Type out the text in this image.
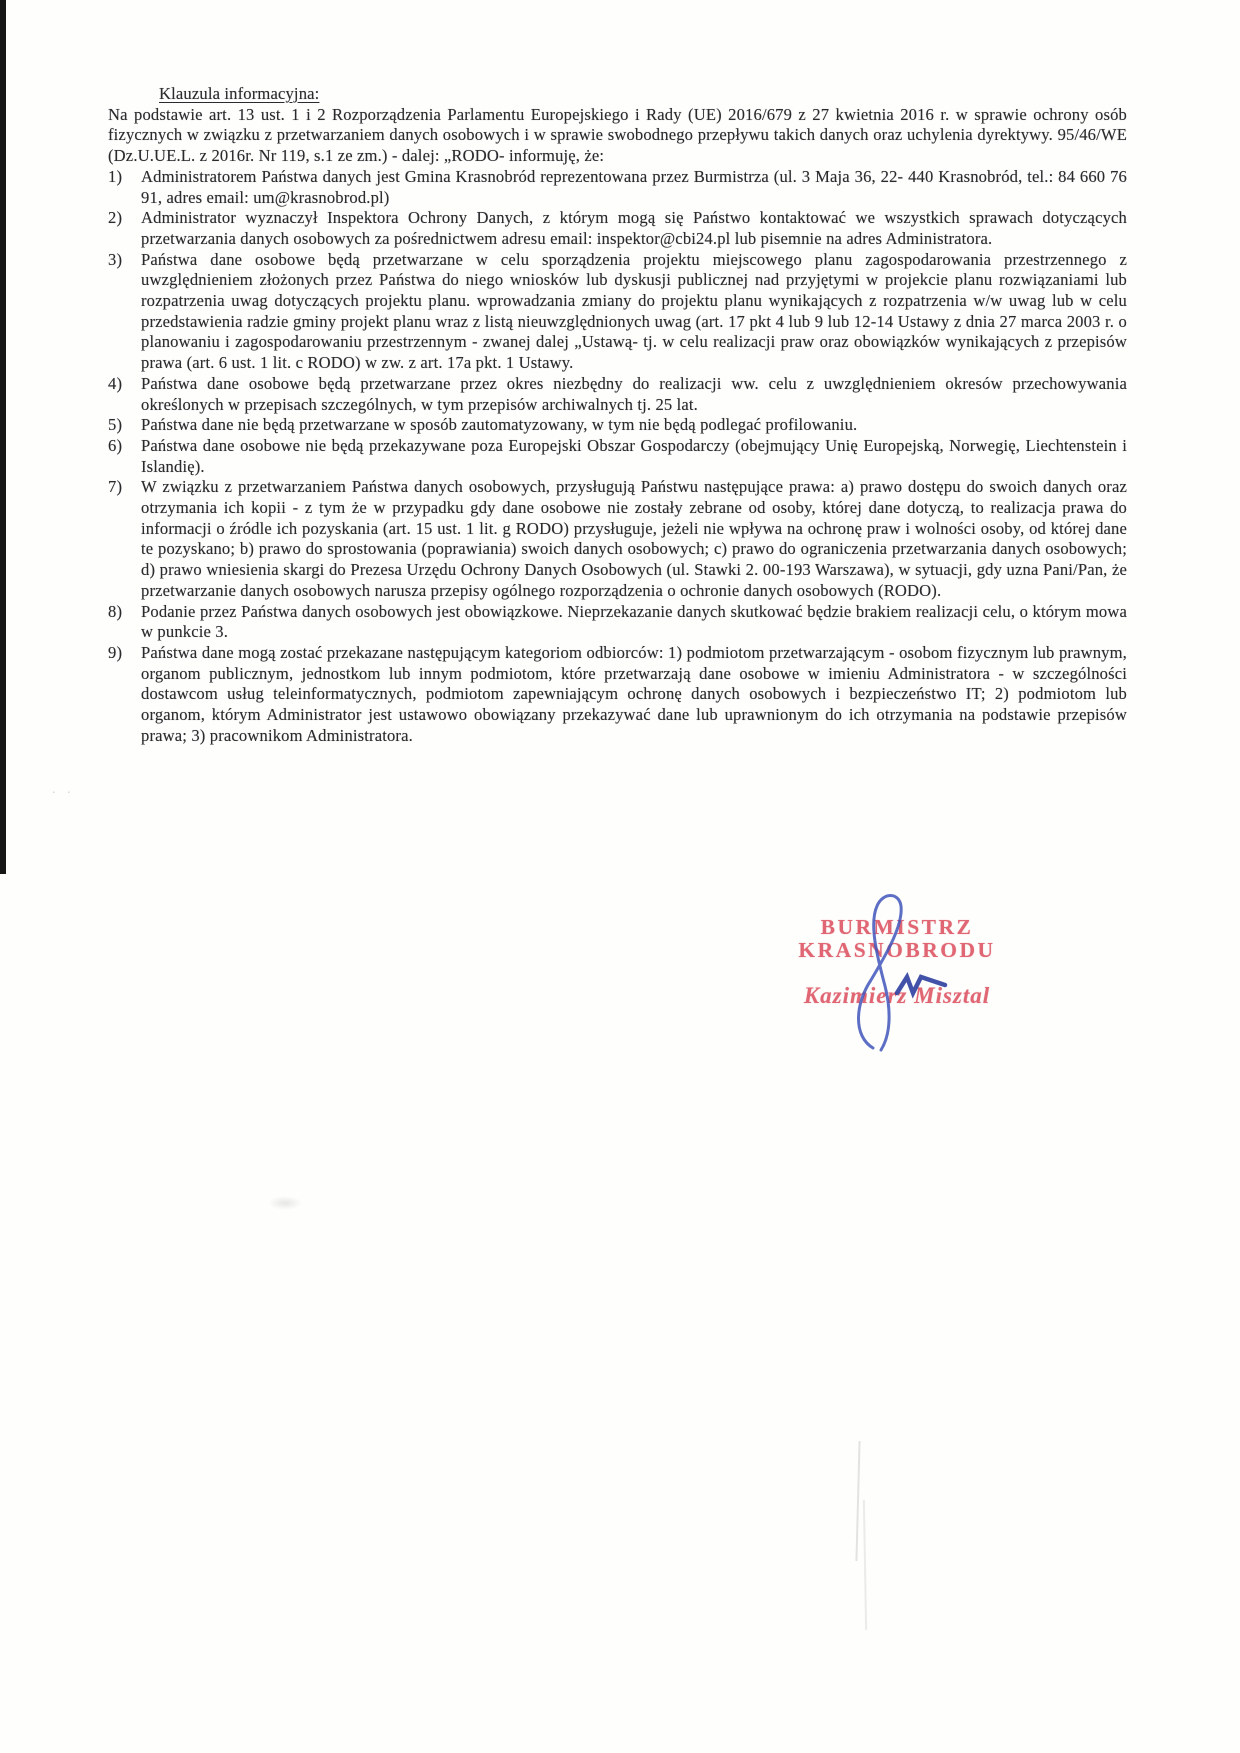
Klauzula informacyjna:

Na podstawie art. 13 ust. 1 i 2 Rozporządzenia Parlamentu Europejskiego i Rady (UE) 2016/679 z 27 kwietnia 2016 r. w sprawie ochrony osób fizycznych w związku z przetwarzaniem danych osobowych i w sprawie swobodnego przepływu takich danych oraz uchylenia dyrektywy. 95/46/WE (Dz.U.UE.L. z 2016r. Nr 119, s.1 ze zm.) - dalej: „RODO- informuję, że:

1) Administratorem Państwa danych jest Gmina Krasnobród reprezentowana przez Burmistrza (ul. 3 Maja 36, 22- 440 Krasnobród, tel.: 84 660 76 91, adres email: um@krasnobrod.pl)
2) Administrator wyznaczył Inspektora Ochrony Danych, z którym mogą się Państwo kontaktować we wszystkich sprawach dotyczących przetwarzania danych osobowych za pośrednictwem adresu email: inspektor@cbi24.pl lub pisemnie na adres Administratora.
3) Państwa dane osobowe będą przetwarzane w celu sporządzenia projektu miejscowego planu zagospodarowania przestrzennego z uwzględnieniem złożonych przez Państwa do niego wniosków lub dyskusji publicznej nad przyjętymi w projekcie planu rozwiązaniami lub rozpatrzenia uwag dotyczących projektu planu. wprowadzania zmiany do projektu planu wynikających z rozpatrzenia w/w uwag lub w celu przedstawienia radzie gminy projekt planu wraz z listą nieuwzględnionych uwag (art. 17 pkt 4 lub 9 lub 12-14 Ustawy z dnia 27 marca 2003 r. o planowaniu i zagospodarowaniu przestrzennym - zwanej dalej „Ustawą- tj. w celu realizacji praw oraz obowiązków wynikających z przepisów prawa (art. 6 ust. 1 lit. c RODO) w zw. z art. 17a pkt. 1 Ustawy.
4) Państwa dane osobowe będą przetwarzane przez okres niezbędny do realizacji ww. celu z uwzględnieniem okresów przechowywania określonych w przepisach szczególnych, w tym przepisów archiwalnych tj. 25 lat.
5) Państwa dane nie będą przetwarzane w sposób zautomatyzowany, w tym nie będą podlegać profilowaniu.
6) Państwa dane osobowe nie będą przekazywane poza Europejski Obszar Gospodarczy (obejmujący Unię Europejską, Norwegię, Liechtenstein i Islandię).
7) W związku z przetwarzaniem Państwa danych osobowych, przysługują Państwu następujące prawa: a) prawo dostępu do swoich danych oraz otrzymania ich kopii - z tym że w przypadku gdy dane osobowe nie zostały zebrane od osoby, której dane dotyczą, to realizacja prawa do informacji o źródle ich pozyskania (art. 15 ust. 1 lit. g RODO) przysługuje, jeżeli nie wpływa na ochronę praw i wolności osoby, od której dane te pozyskano; b) prawo do sprostowania (poprawiania) swoich danych osobowych; c) prawo do ograniczenia przetwarzania danych osobowych; d) prawo wniesienia skargi do Prezesa Urzędu Ochrony Danych Osobowych (ul. Stawki 2. 00-193 Warszawa), w sytuacji, gdy uzna Pani/Pan, że przetwarzanie danych osobowych narusza przepisy ogólnego rozporządzenia o ochronie danych osobowych (RODO).
8) Podanie przez Państwa danych osobowych jest obowiązkowe. Nieprzekazanie danych skutkować będzie brakiem realizacji celu, o którym mowa w punkcie 3.
9) Państwa dane mogą zostać przekazane następującym kategoriom odbiorców: 1) podmiotom przetwarzającym - osobom fizycznym lub prawnym, organom publicznym, jednostkom lub innym podmiotom, które przetwarzają dane osobowe w imieniu Administratora - w szczególności dostawcom usług teleinformatycznych, podmiotom zapewniającym ochronę danych osobowych i bezpieczeństwo IT; 2) podmiotom lub organom, którym Administrator jest ustawowo obowiązany przekazywać dane lub uprawnionym do ich otrzymania na podstawie przepisów prawa; 3) pracownikom Administratora.
BURMISTRZ
KRASNOBRODU
Kazimierz Misztal
. .
